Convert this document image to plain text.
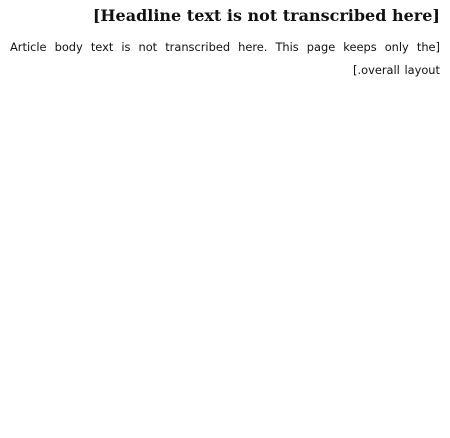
[Headline text is not transcribed here]

[Article body text is not transcribed here. This page keeps only the overall layout.]
